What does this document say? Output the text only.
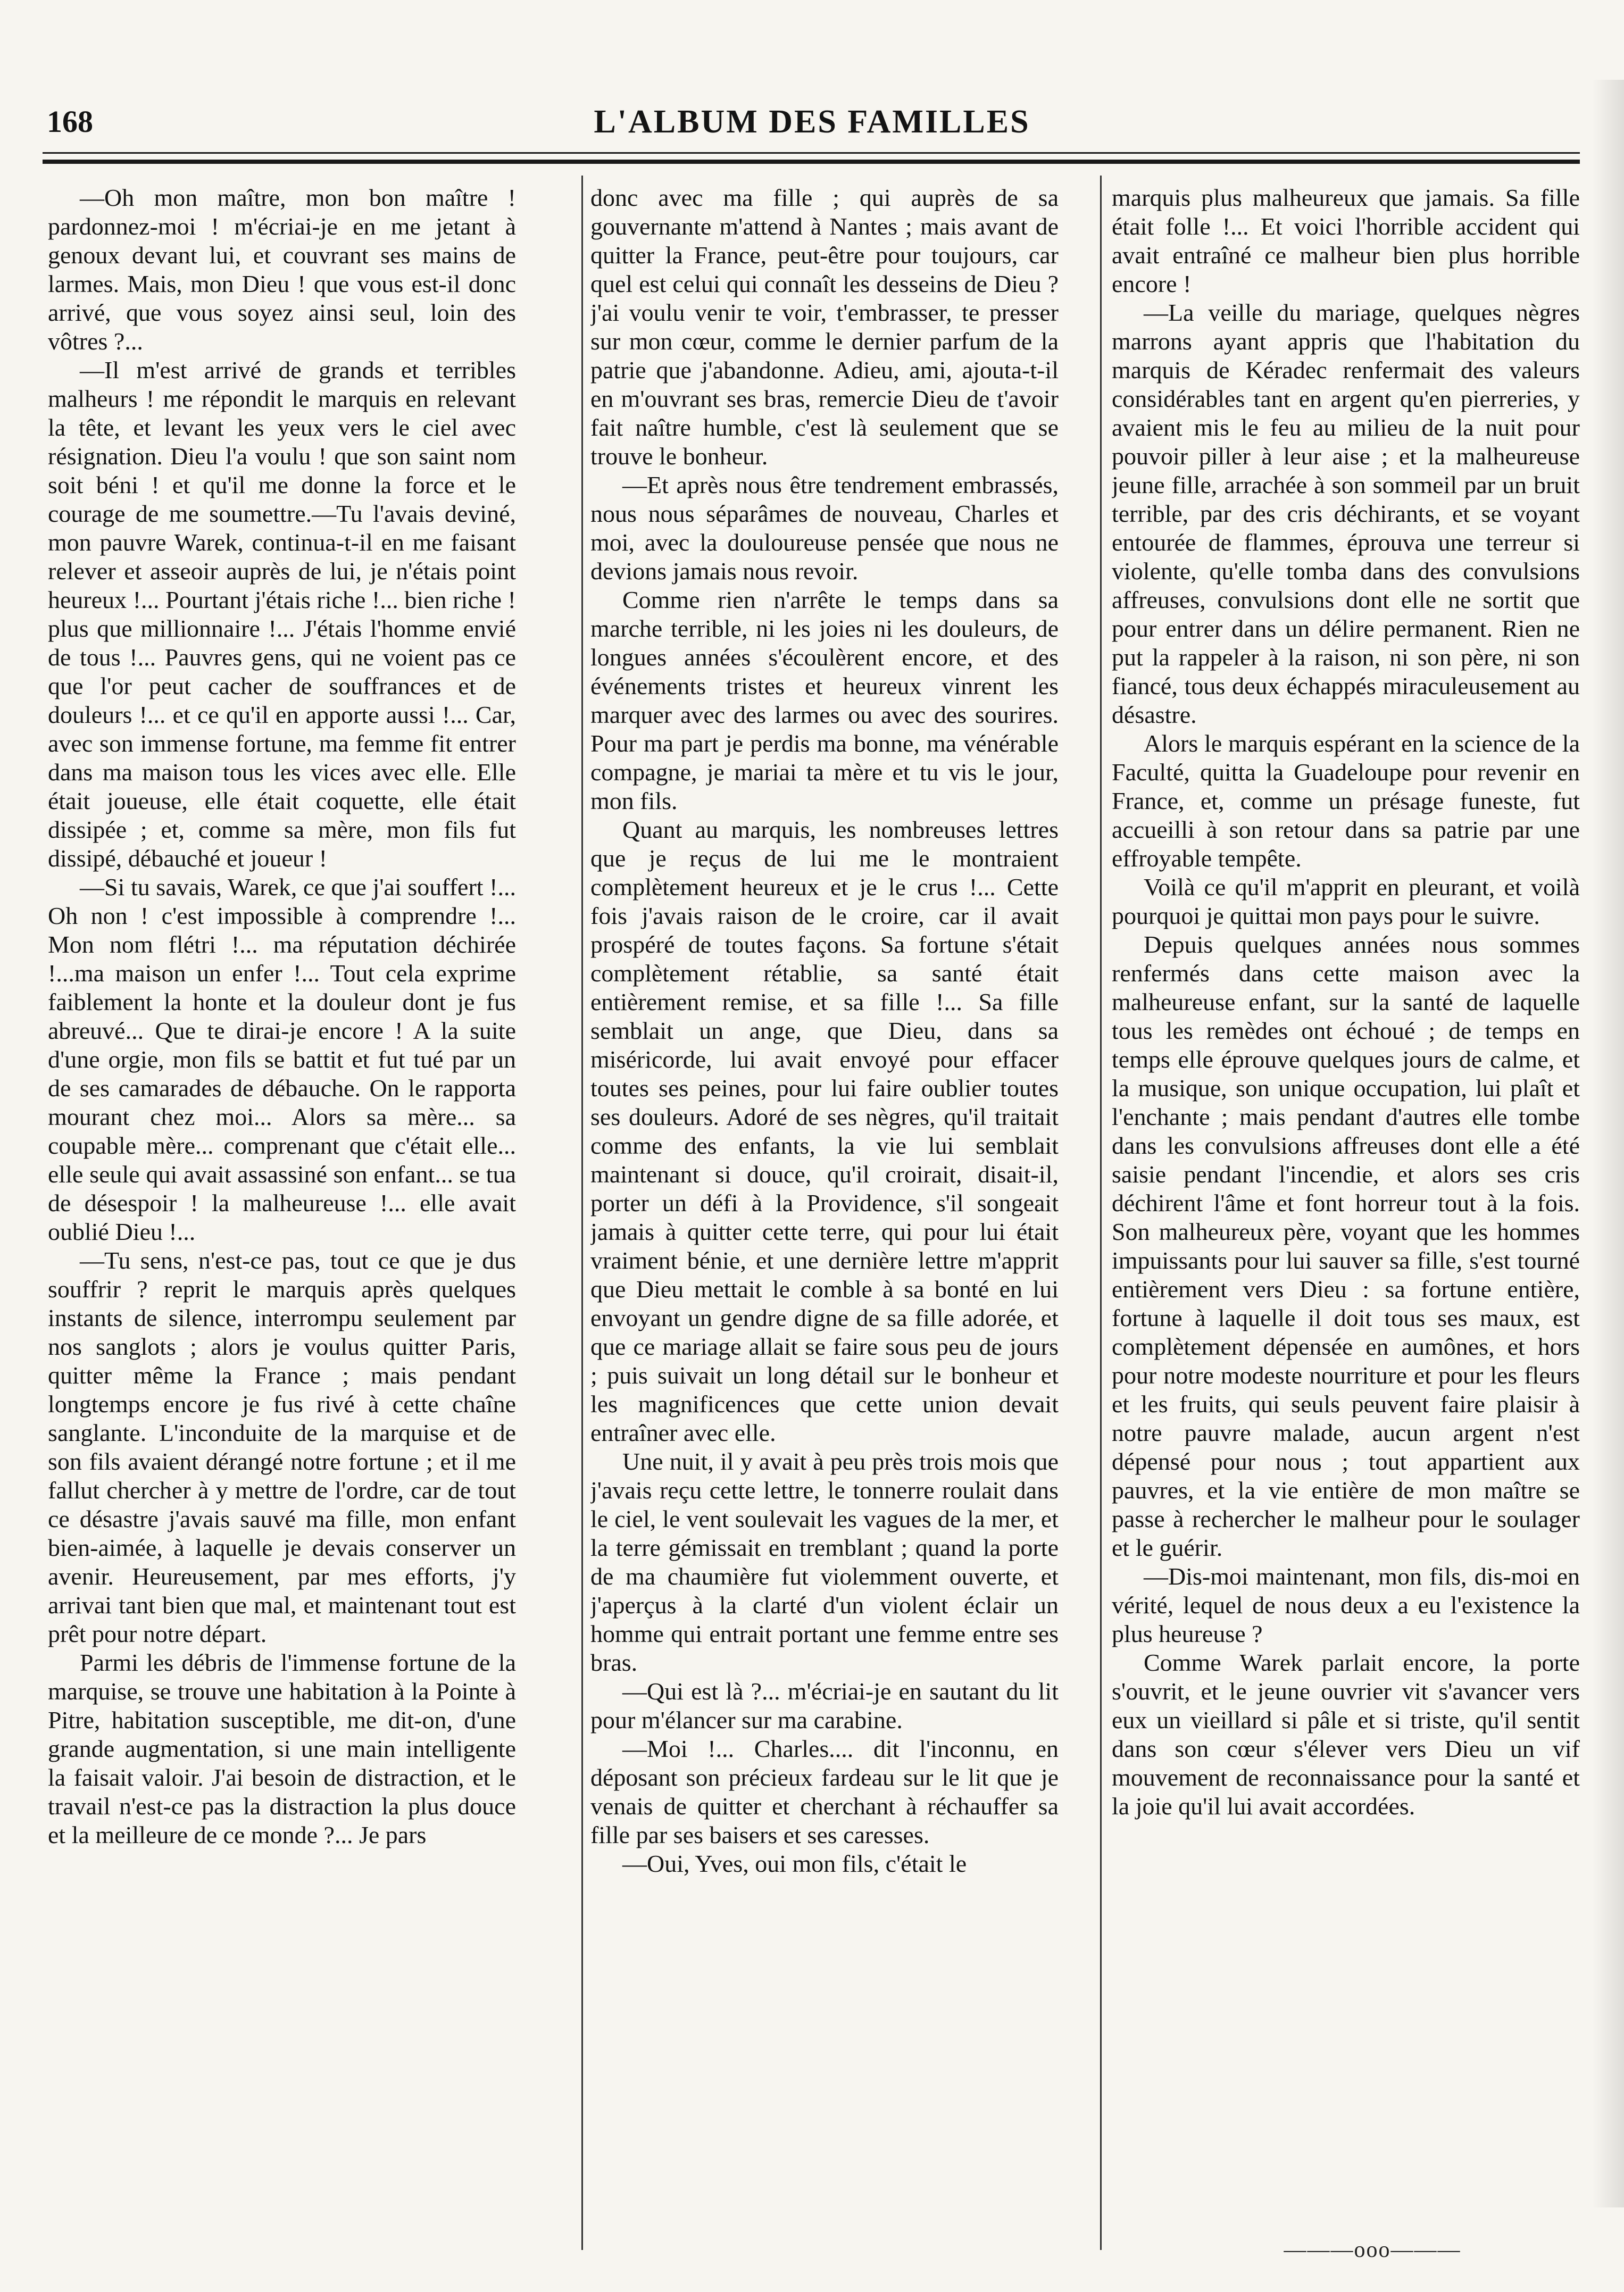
168	L'ALBUM DES FAMILLES

—Oh mon maître, mon bon maître ! pardonnez-moi ! m'écriai-je en me jetant à genoux devant lui, et couvrant ses mains de larmes. Mais, mon Dieu ! que vous est-il donc arrivé, que vous soyez ainsi seul, loin des vôtres ?...

—Il m'est arrivé de grands et terribles malheurs ! me répondit le marquis en relevant la tête, et levant les yeux vers le ciel avec résignation. Dieu l'a voulu ! que son saint nom soit béni ! et qu'il me donne la force et le courage de me soumettre.—Tu l'avais deviné, mon pauvre Warek, continua-t-il en me faisant relever et asseoir auprès de lui, je n'étais point heureux !... Pourtant j'étais riche !... bien riche ! plus que millionnaire !... J'étais l'homme envié de tous !... Pauvres gens, qui ne voient pas ce que l'or peut cacher de souffrances et de douleurs !... et ce qu'il en apporte aussi !... Car, avec son immense fortune, ma femme fit entrer dans ma maison tous les vices avec elle. Elle était joueuse, elle était coquette, elle était dissipée ; et, comme sa mère, mon fils fut dissipé, débauché et joueur !

—Si tu savais, Warek, ce que j'ai souffert !... Oh non ! c'est impossible à comprendre !... Mon nom flétri !... ma réputation déchirée !...ma maison un enfer !... Tout cela exprime faiblement la honte et la douleur dont je fus abreuvé... Que te dirai-je encore ! A la suite d'une orgie, mon fils se battit et fut tué par un de ses camarades de débauche. On le rapporta mourant chez moi... Alors sa mère... sa coupable mère... comprenant que c'était elle... elle seule qui avait assassiné son enfant... se tua de désespoir ! la malheureuse !... elle avait oublié Dieu !...

—Tu sens, n'est-ce pas, tout ce que je dus souffrir ? reprit le marquis après quelques instants de silence, interrompu seulement par nos sanglots ; alors je voulus quitter Paris, quitter même la France ; mais pendant longtemps encore je fus rivé à cette chaîne sanglante. L'inconduite de la marquise et de son fils avaient dérangé notre fortune ; et il me fallut chercher à y mettre de l'ordre, car de tout ce désastre j'avais sauvé ma fille, mon enfant bien-aimée, à laquelle je devais conserver un avenir. Heureusement, par mes efforts, j'y arrivai tant bien que mal, et maintenant tout est prêt pour notre départ.

Parmi les débris de l'immense fortune de la marquise, se trouve une habitation à la Pointe à Pitre, habitation susceptible, me dit-on, d'une grande augmentation, si une main intelligente la faisait valoir. J'ai besoin de distraction, et le travail n'est-ce pas la distraction la plus douce et la meilleure de ce monde ?... Je pars

donc avec ma fille ; qui auprès de sa gouvernante m'attend à Nantes ; mais avant de quitter la France, peut-être pour toujours, car quel est celui qui connaît les desseins de Dieu ? j'ai voulu venir te voir, t'embrasser, te presser sur mon cœur, comme le dernier parfum de la patrie que j'abandonne. Adieu, ami, ajouta-t-il en m'ouvrant ses bras, remercie Dieu de t'avoir fait naître humble, c'est là seulement que se trouve le bonheur.

—Et après nous être tendrement embrassés, nous nous séparâmes de nouveau, Charles et moi, avec la douloureuse pensée que nous ne devions jamais nous revoir.

Comme rien n'arrête le temps dans sa marche terrible, ni les joies ni les douleurs, de longues années s'écoulèrent encore, et des événements tristes et heureux vinrent les marquer avec des larmes ou avec des sourires. Pour ma part je perdis ma bonne, ma vénérable compagne, je mariai ta mère et tu vis le jour, mon fils.

Quant au marquis, les nombreuses lettres que je reçus de lui me le montraient complètement heureux et je le crus !... Cette fois j'avais raison de le croire, car il avait prospéré de toutes façons. Sa fortune s'était complètement rétablie, sa santé était entièrement remise, et sa fille !... Sa fille semblait un ange, que Dieu, dans sa miséricorde, lui avait envoyé pour effacer toutes ses peines, pour lui faire oublier toutes ses douleurs. Adoré de ses nègres, qu'il traitait comme des enfants, la vie lui semblait maintenant si douce, qu'il croirait, disait-il, porter un défi à la Providence, s'il songeait jamais à quitter cette terre, qui pour lui était vraiment bénie, et une dernière lettre m'apprit que Dieu mettait le comble à sa bonté en lui envoyant un gendre digne de sa fille adorée, et que ce mariage allait se faire sous peu de jours ; puis suivait un long détail sur le bonheur et les magnificences que cette union devait entraîner avec elle.

Une nuit, il y avait à peu près trois mois que j'avais reçu cette lettre, le tonnerre roulait dans le ciel, le vent soulevait les vagues de la mer, et la terre gémissait en tremblant ; quand la porte de ma chaumière fut violemment ouverte, et j'aperçus à la clarté d'un violent éclair un homme qui entrait portant une femme entre ses bras.

—Qui est là ?... m'écriai-je en sautant du lit pour m'élancer sur ma carabine.

—Moi !... Charles.... dit l'inconnu, en déposant son précieux fardeau sur le lit que je venais de quitter et cherchant à réchauffer sa fille par ses baisers et ses caresses.

—Oui, Yves, oui mon fils, c'était le

marquis plus malheureux que jamais. Sa fille était folle !... Et voici l'horrible accident qui avait entraîné ce malheur bien plus horrible encore !

—La veille du mariage, quelques nègres marrons ayant appris que l'habitation du marquis de Kéradec renfermait des valeurs considérables tant en argent qu'en pierreries, y avaient mis le feu au milieu de la nuit pour pouvoir piller à leur aise ; et la malheureuse jeune fille, arrachée à son sommeil par un bruit terrible, par des cris déchirants, et se voyant entourée de flammes, éprouva une terreur si violente, qu'elle tomba dans des convulsions affreuses, convulsions dont elle ne sortit que pour entrer dans un délire permanent. Rien ne put la rappeler à la raison, ni son père, ni son fiancé, tous deux échappés miraculeusement au désastre.

Alors le marquis espérant en la science de la Faculté, quitta la Guadeloupe pour revenir en France, et, comme un présage funeste, fut accueilli à son retour dans sa patrie par une effroyable tempête.

Voilà ce qu'il m'apprit en pleurant, et voilà pourquoi je quittai mon pays pour le suivre.

Depuis quelques années nous sommes renfermés dans cette maison avec la malheureuse enfant, sur la santé de laquelle tous les remèdes ont échoué ; de temps en temps elle éprouve quelques jours de calme, et la musique, son unique occupation, lui plaît et l'enchante ; mais pendant d'autres elle tombe dans les convulsions affreuses dont elle a été saisie pendant l'incendie, et alors ses cris déchirent l'âme et font horreur tout à la fois. Son malheureux père, voyant que les hommes impuissants pour lui sauver sa fille, s'est tourné entièrement vers Dieu : sa fortune entière, fortune à laquelle il doit tous ses maux, est complètement dépensée en aumônes, et hors pour notre modeste nourriture et pour les fleurs et les fruits, qui seuls peuvent faire plaisir à notre pauvre malade, aucun argent n'est dépensé pour nous ; tout appartient aux pauvres, et la vie entière de mon maître se passe à rechercher le malheur pour le soulager et le guérir.

—Dis-moi maintenant, mon fils, dis-moi en vérité, lequel de nous deux a eu l'existence la plus heureuse ?

Comme Warek parlait encore, la porte s'ouvrit, et le jeune ouvrier vit s'avancer vers eux un vieillard si pâle et si triste, qu'il sentit dans son cœur s'élever vers Dieu un vif mouvement de reconnaissance pour la santé et la joie qu'il lui avait accordées.

———ooo———
